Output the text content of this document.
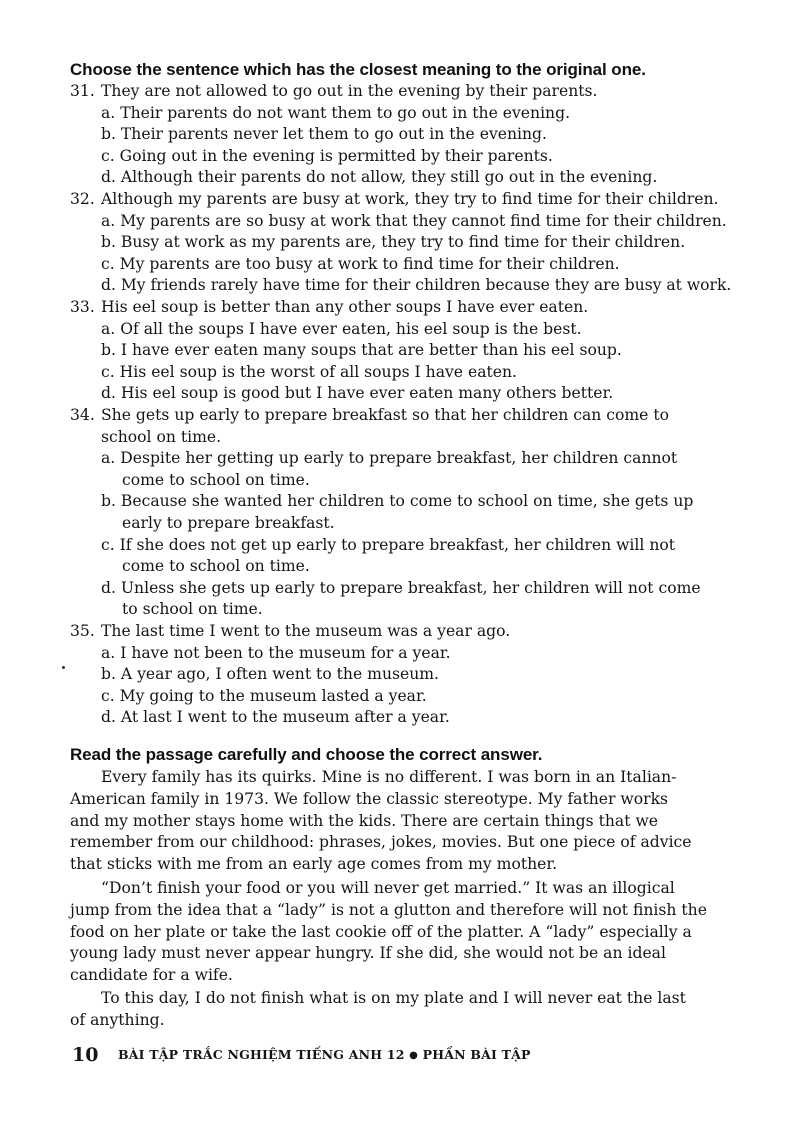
Choose the sentence which has the closest meaning to the original one.
31. They are not allowed to go out in the evening by their parents.
a. Their parents do not want them to go out in the evening.
b. Their parents never let them to go out in the evening.
c. Going out in the evening is permitted by their parents.
d. Although their parents do not allow, they still go out in the evening.
32. Although my parents are busy at work, they try to find time for their children.
a. My parents are so busy at work that they cannot find time for their children.
b. Busy at work as my parents are, they try to find time for their children.
c. My parents are too busy at work to find time for their children.
d. My friends rarely have time for their children because they are busy at work.
33. His eel soup is better than any other soups I have ever eaten.
a. Of all the soups I have ever eaten, his eel soup is the best.
b. I have ever eaten many soups that are better than his eel soup.
c. His eel soup is the worst of all soups I have eaten.
d. His eel soup is good but I have ever eaten many others better.
34. She gets up early to prepare breakfast so that her children can come to
school on time.
a. Despite her getting up early to prepare breakfast, her children cannot
come to school on time.
b. Because she wanted her children to come to school on time, she gets up
early to prepare breakfast.
c. If she does not get up early to prepare breakfast, her children will not
come to school on time.
d. Unless she gets up early to prepare breakfast, her children will not come
to school on time.
35. The last time I went to the museum was a year ago.
a. I have not been to the museum for a year.
b. A year ago, I often went to the museum.
c. My going to the museum lasted a year.
d. At last I went to the museum after a year.
Read the passage carefully and choose the correct answer.
Every family has its quirks. Mine is no different. I was born in an Italian-
American family in 1973. We follow the classic stereotype. My father works
and my mother stays home with the kids. There are certain things that we
remember from our childhood: phrases, jokes, movies. But one piece of advice
that sticks with me from an early age comes from my mother.
“Don’t finish your food or you will never get married.” It was an illogical
jump from the idea that a “lady” is not a glutton and therefore will not finish the
food on her plate or take the last cookie off of the platter. A “lady” especially a
young lady must never appear hungry. If she did, she would not be an ideal
candidate for a wife.
To this day, I do not finish what is on my plate and I will never eat the last
of anything.
10 BÀI TẬP TRẮC NGHIỆM TIẾNG ANH 12 ● PHẦN BÀI TẬP
